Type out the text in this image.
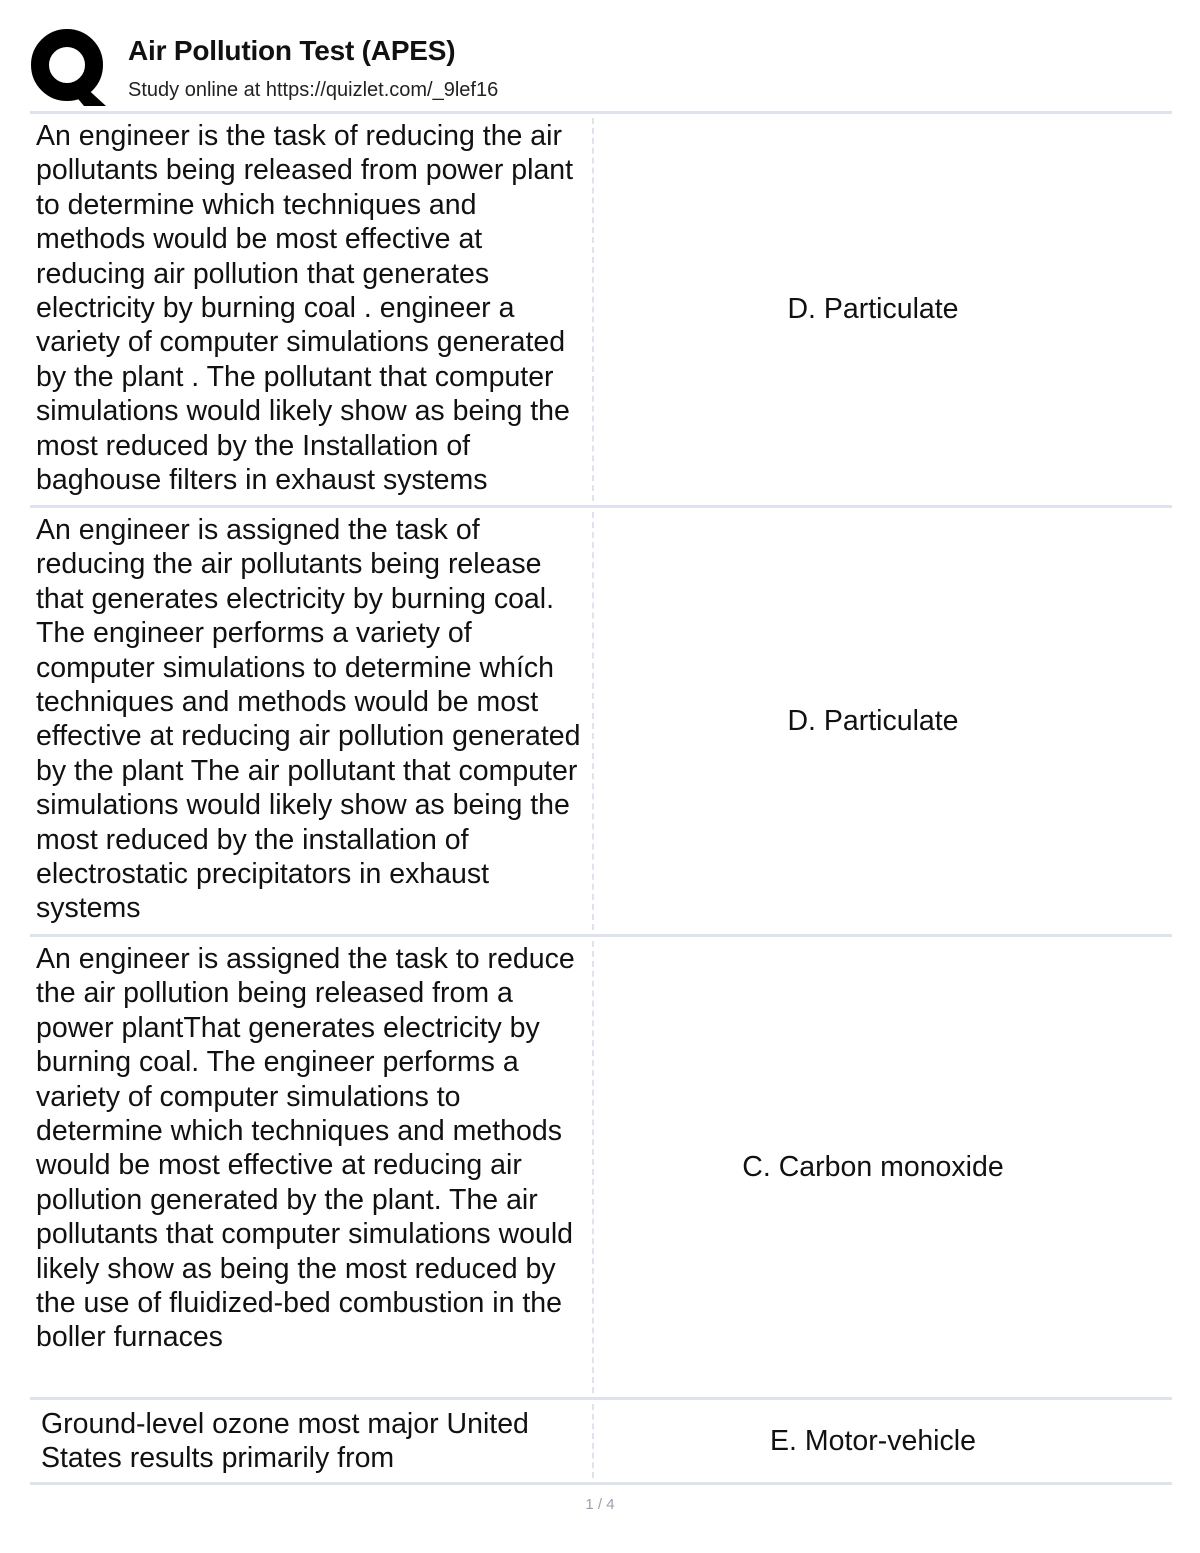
Air Pollution Test (APES)
Study online at https://quizlet.com/_9lef16
An engineer is the task of reducing the air pollutants being released from power plant to determine which techniques and methods would be most effective at reducing air pollution that generates electricity by burning coal . engineer a variety of computer simulations generated by the plant . The pollutant that computer simulations would likely show as being the most reduced by the Installation of baghouse filters in exhaust systems
D. Particulate
An engineer is assigned the task of reducing the air pollutants being release that generates electricity by burning coal. The engineer performs a variety of computer simulations to determine whích techniques and methods would be most effective at reducing air pollution generated by the plant The air pollutant that computer simulations would likely show as being the most reduced by the installation of electrostatic precipitators in exhaust systems
D. Particulate
An engineer is assigned the task to reduce the air pollution being released from a power plantThat generates electricity by burning coal. The engineer performs a variety of computer simulations to determine which techniques and methods would be most effective at reducing air pollution generated by the plant. The air pollutants that computer simulations would likely show as being the most reduced by the use of fluidized-bed combustion in the boller furnaces
C. Carbon monoxide
Ground-level ozone most major United States results primarily from
E. Motor-vehicle
1 / 4
